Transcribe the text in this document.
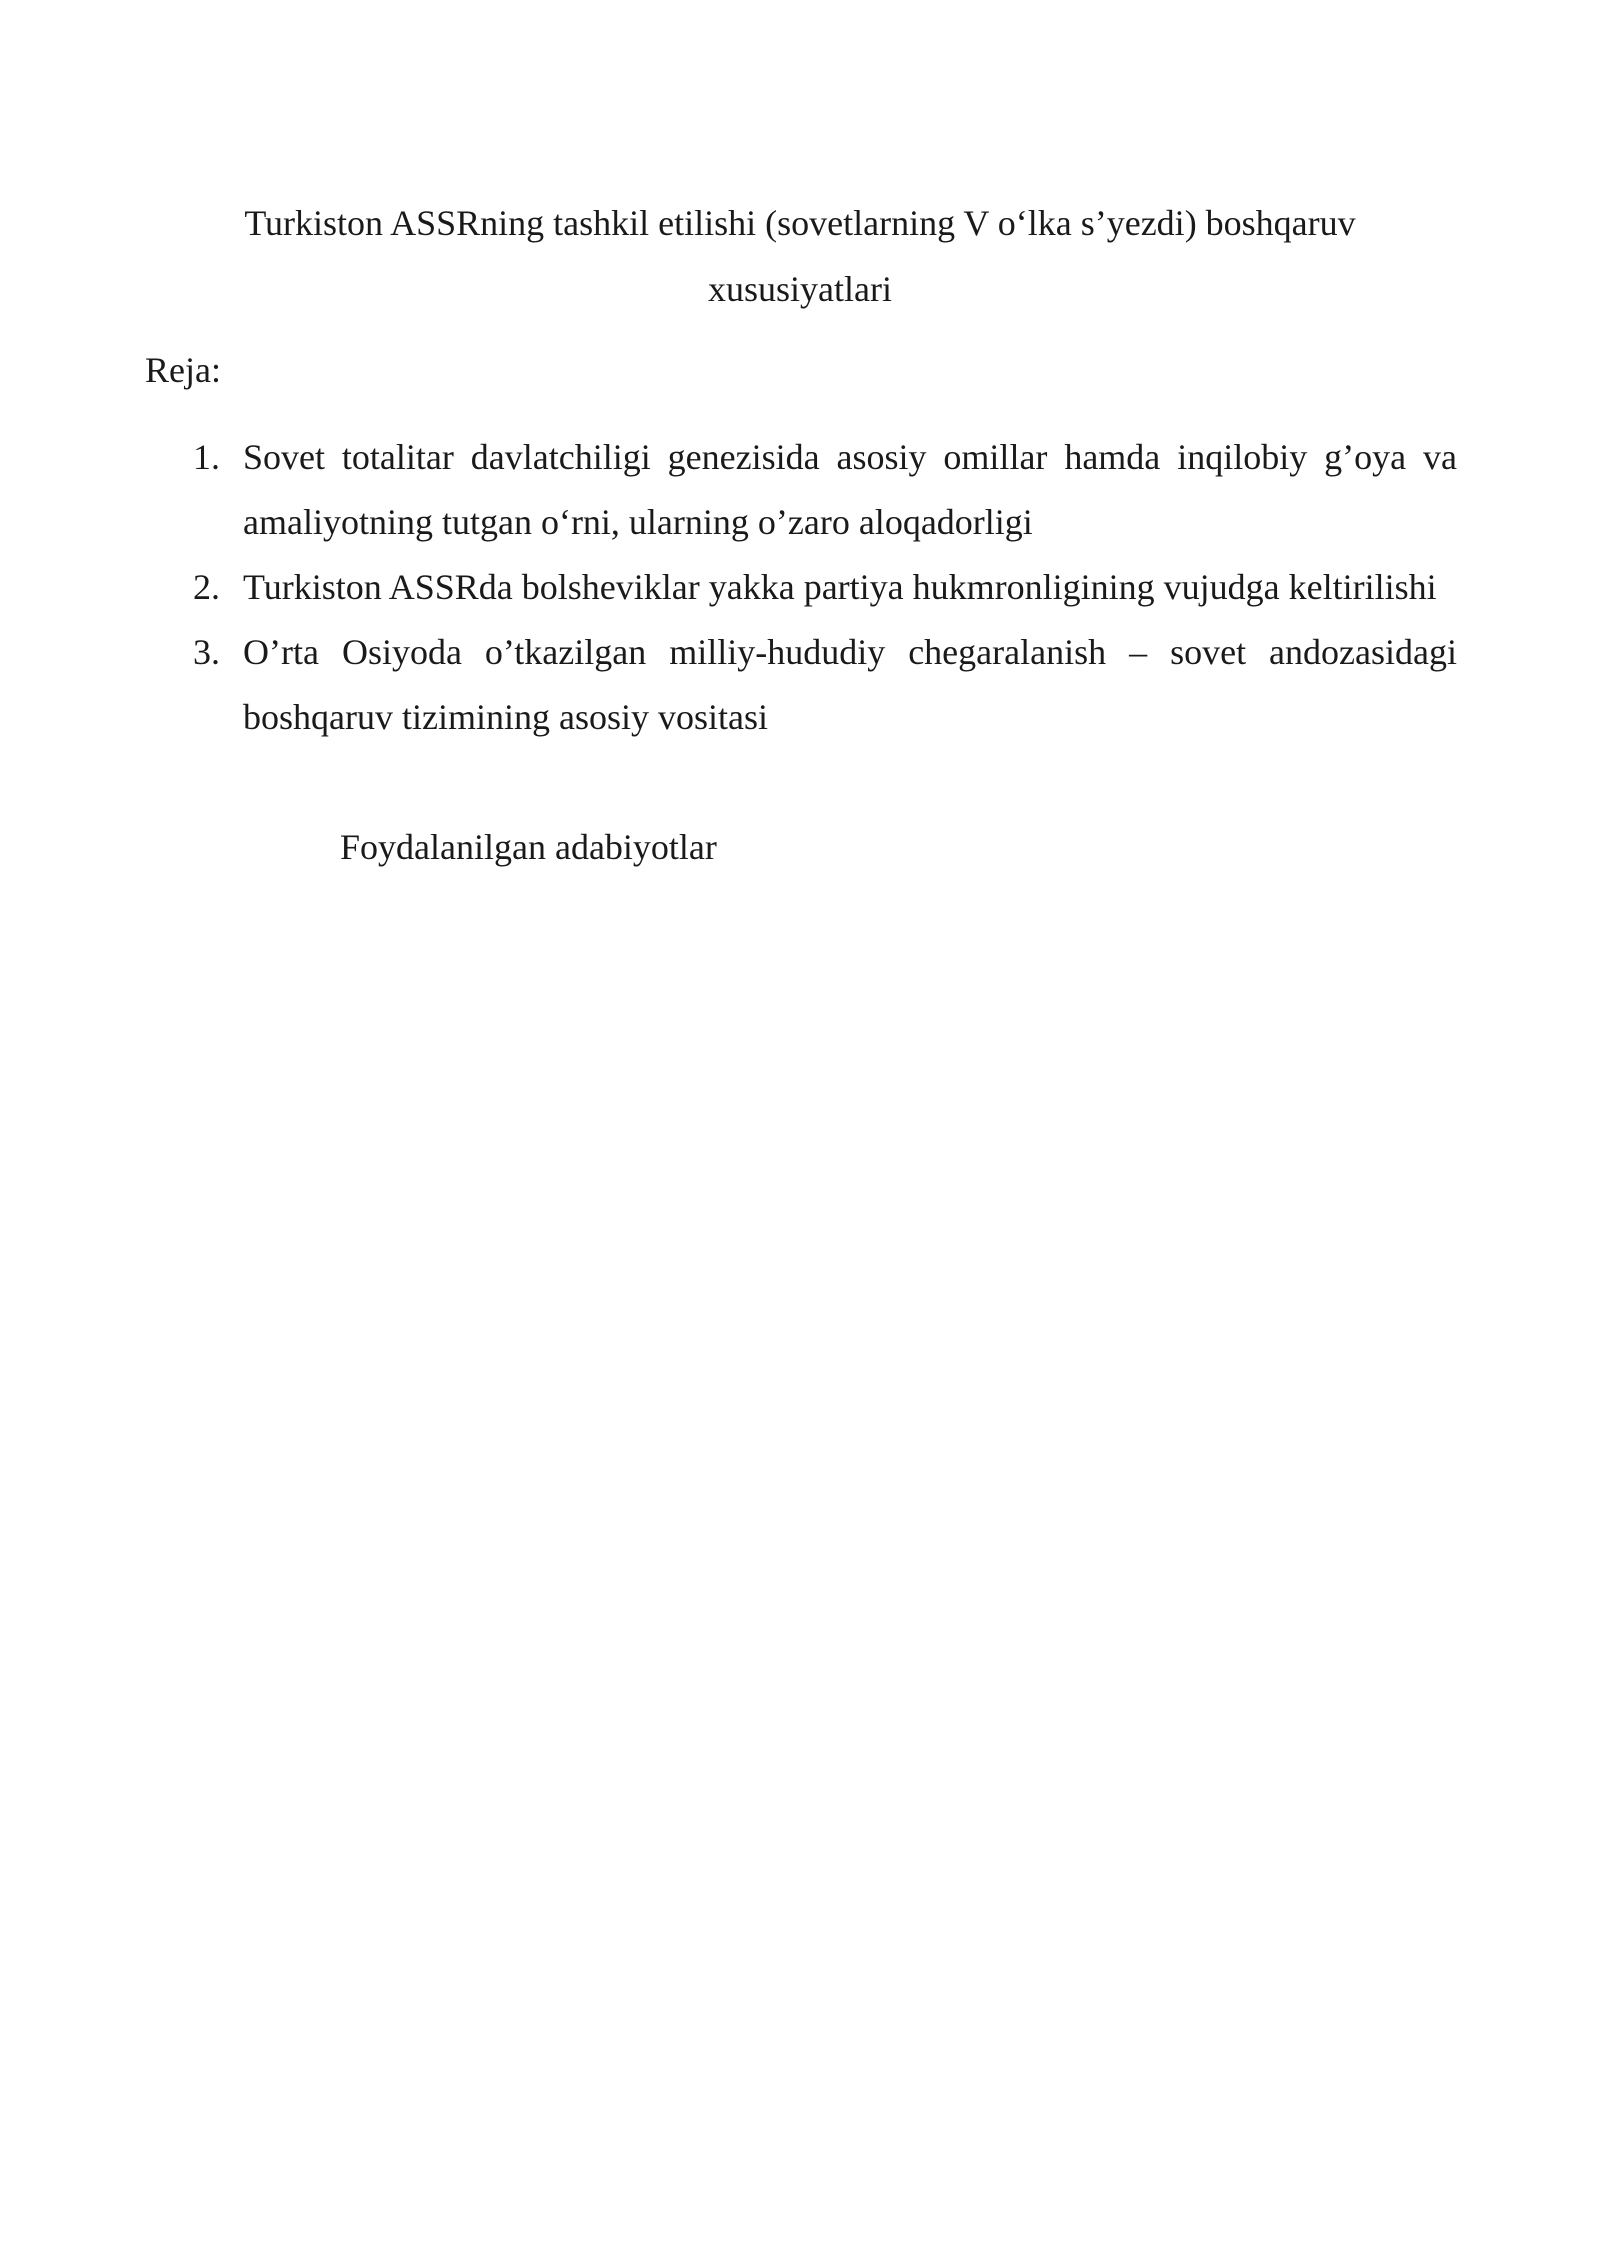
Turkiston ASSRning tashkil etilishi (sovetlarning V o‘lka s’yezdi) boshqaruv xususiyatlari
Reja:
1. Sovet totalitar davlatchiligi genezisida asosiy omillar hamda inqilobiy g’oya va amaliyotning tutgan o‘rni, ularning o’zaro aloqadorligi
2. Turkiston ASSRda bolsheviklar yakka partiya hukmronligining vujudga keltirilishi
3. O’rta Osiyoda o’tkazilgan milliy-hududiy chegaralanish – sovet andozasidagi boshqaruv tizimining asosiy vositasi
Foydalanilgan adabiyotlar
